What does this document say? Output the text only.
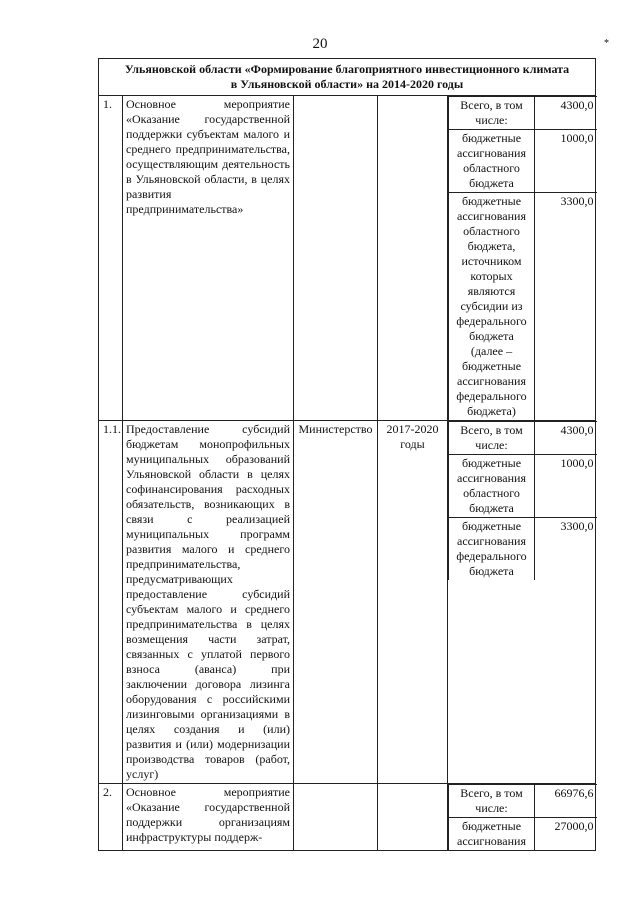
20	*
Ульяновской области «Формирование благоприятного инвестиционного климата
в Ульяновской области» на 2014-2020 годы

1.	Основное мероприятие «Оказание государственной поддержки субъектам малого и среднего предпринимательства, осуществляющим деятельность в Ульяновской области, в целях развития предпринимательства»			
Всего, в том числе:	4300,0
бюджетные ассигнования областного бюджета	1000,0
бюджетные ассигнования областного бюджета, источником которых являются субсидии из федерального бюджета (далее – бюджетные ассигнования федерального бюджета)	3300,0

1.1.	Предоставление субсидий бюджетам монопрофильных муниципальных образований Ульяновской области в целях софинансирования расходных обязательств, возникающих в связи с реализацией муниципальных программ развития малого и среднего предпринимательства, предусматривающих предоставление субсидий субъектам малого и среднего предпринимательства в целях возмещения части затрат, связанных с уплатой первого взноса (аванса) при заключении договора лизинга оборудования с российскими лизинговыми организациями в целях создания и (или) развития и (или) модернизации производства товаров (работ, услуг)	Министерство	2017-2020 годы	
Всего, в том числе:	4300,0
бюджетные ассигнования областного бюджета	1000,0
бюджетные ассигнования федерального бюджета	3300,0

2.	Основное мероприятие «Оказание государственной поддержки организациям инфраструктуры поддерж-			
Всего, в том числе:	66976,6
бюджетные ассигнования	27000,0
